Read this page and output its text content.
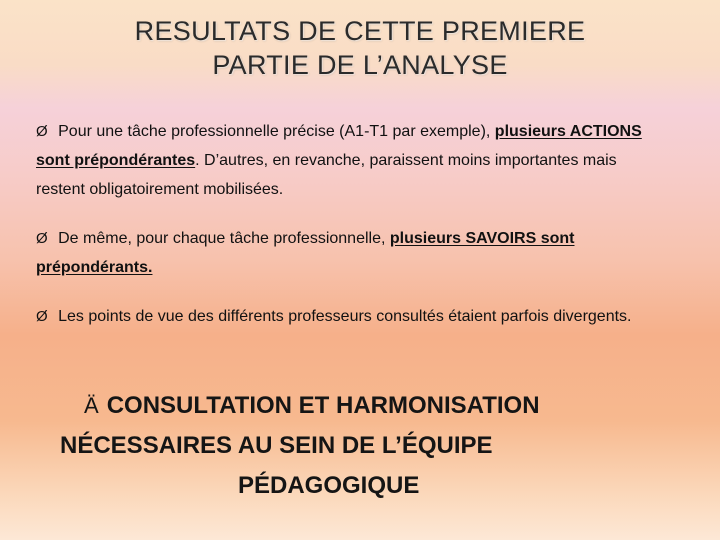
RESULTATS DE CETTE PREMIERE
PARTIE DE L’ANALYSE

Ø Pour une tâche professionnelle précise (A1-T1 par exemple), plusieurs ACTIONS sont prépondérantes. D’autres, en revanche, paraissent moins importantes mais restent obligatoirement mobilisées.

Ø De même, pour chaque tâche professionnelle, plusieurs SAVOIRS sont prépondérants.

Ø Les points de vue des différents professeurs consultés étaient parfois divergents.

Ä CONSULTATION ET HARMONISATION
NÉCESSAIRES AU SEIN DE L’ÉQUIPE
PÉDAGOGIQUE
